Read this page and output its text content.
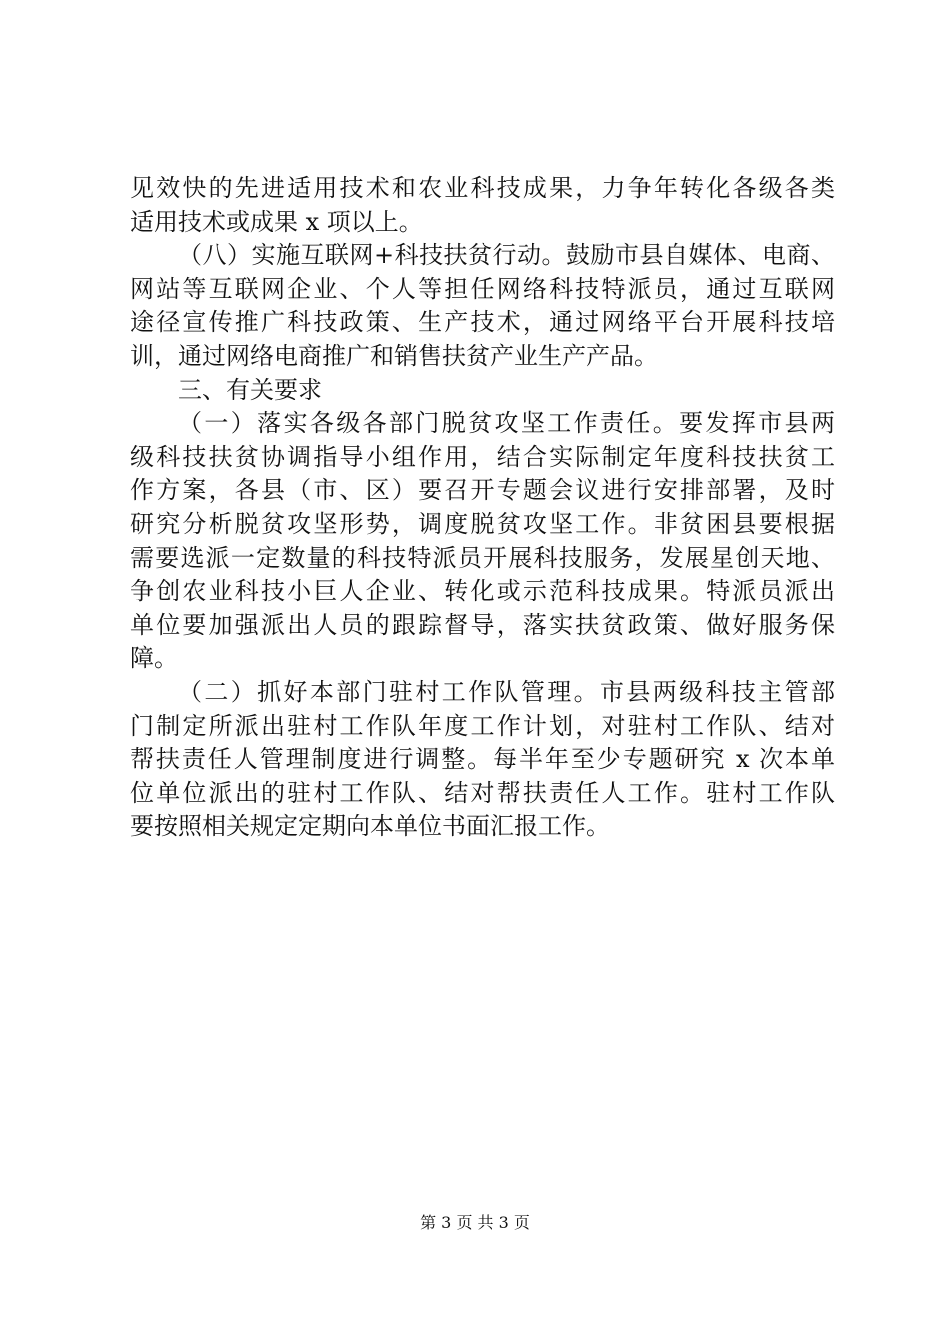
见效快的先进适用技术和农业科技成果，力争年转化各级各类
适用技术或成果 x 项以上。
（八）实施互联网+科技扶贫行动。鼓励市县自媒体、电商、
网站等互联网企业、个人等担任网络科技特派员，通过互联网
途径宣传推广科技政策、生产技术，通过网络平台开展科技培
训，通过网络电商推广和销售扶贫产业生产产品。
三、有关要求
（一）落实各级各部门脱贫攻坚工作责任。要发挥市县两
级科技扶贫协调指导小组作用，结合实际制定年度科技扶贫工
作方案，各县（市、区）要召开专题会议进行安排部署，及时
研究分析脱贫攻坚形势，调度脱贫攻坚工作。非贫困县要根据
需要选派一定数量的科技特派员开展科技服务，发展星创天地、
争创农业科技小巨人企业、转化或示范科技成果。特派员派出
单位要加强派出人员的跟踪督导，落实扶贫政策、做好服务保
障。
（二）抓好本部门驻村工作队管理。市县两级科技主管部
门制定所派出驻村工作队年度工作计划，对驻村工作队、结对
帮扶责任人管理制度进行调整。每半年至少专题研究 x 次本单
位单位派出的驻村工作队、结对帮扶责任人工作。驻村工作队
要按照相关规定定期向本单位书面汇报工作。
第 3 页 共 3 页
